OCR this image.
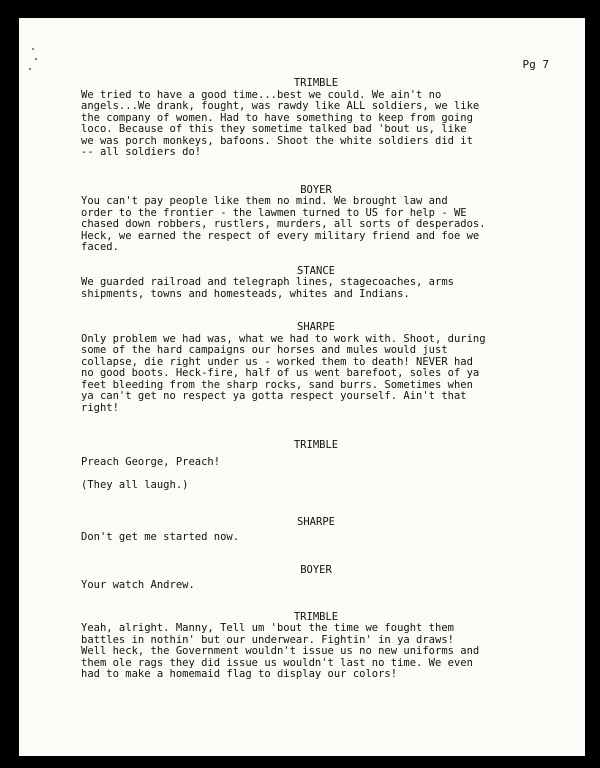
Pg 7

TRIMBLE

We tried to have a good time...best we could. We ain't no

angels...We drank, fought, was rawdy like ALL soldiers, we like

the company of women. Had to have something to keep from going

loco. Because of this they sometime talked bad 'bout us, like

we was porch monkeys, bafoons. Shoot the white soldiers did it

-- all soldiers do!

BOYER

You can't pay people like them no mind. We brought law and

order to the frontier - the lawmen turned to US for help - WE

chased down robbers, rustlers, murders, all sorts of desperados.

Heck, we earned the respect of every military friend and foe we

faced.

STANCE

We guarded railroad and telegraph lines, stagecoaches, arms

shipments, towns and homesteads, whites and Indians.

SHARPE

Only problem we had was, what we had to work with. Shoot, during

some of the hard campaigns our horses and mules would just

collapse, die right under us - worked them to death! NEVER had

no good boots. Heck-fire, half of us went barefoot, soles of ya

feet bleeding from the sharp rocks, sand burrs. Sometimes when

ya can't get no respect ya gotta respect yourself. Ain't that

right!

TRIMBLE

Preach George, Preach!

(They all laugh.)

SHARPE

Don't get me started now.

BOYER

Your watch Andrew.

TRIMBLE

Yeah, alright. Manny, Tell um 'bout the time we fought them

battles in nothin' but our underwear. Fightin' in ya draws!

Well heck, the Government wouldn't issue us no new uniforms and

them ole rags they did issue us wouldn't last no time. We even

had to make a homemaid flag to display our colors!
